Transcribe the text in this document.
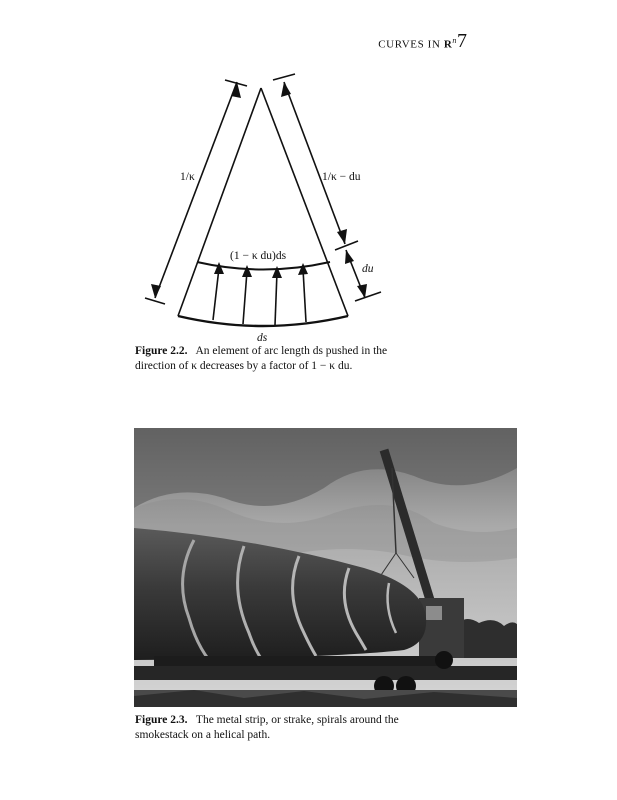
CURVES IN $R^n$ 7
1/κ	1/κ − du
(1 − κ du)ds
du
ds
Figure 2.2. An element of arc length ds pushed in the direction of κ decreases by a factor of 1 − κ du.
Figure 2.3. The metal strip, or strake, spirals around the smokestack on a helical path.
